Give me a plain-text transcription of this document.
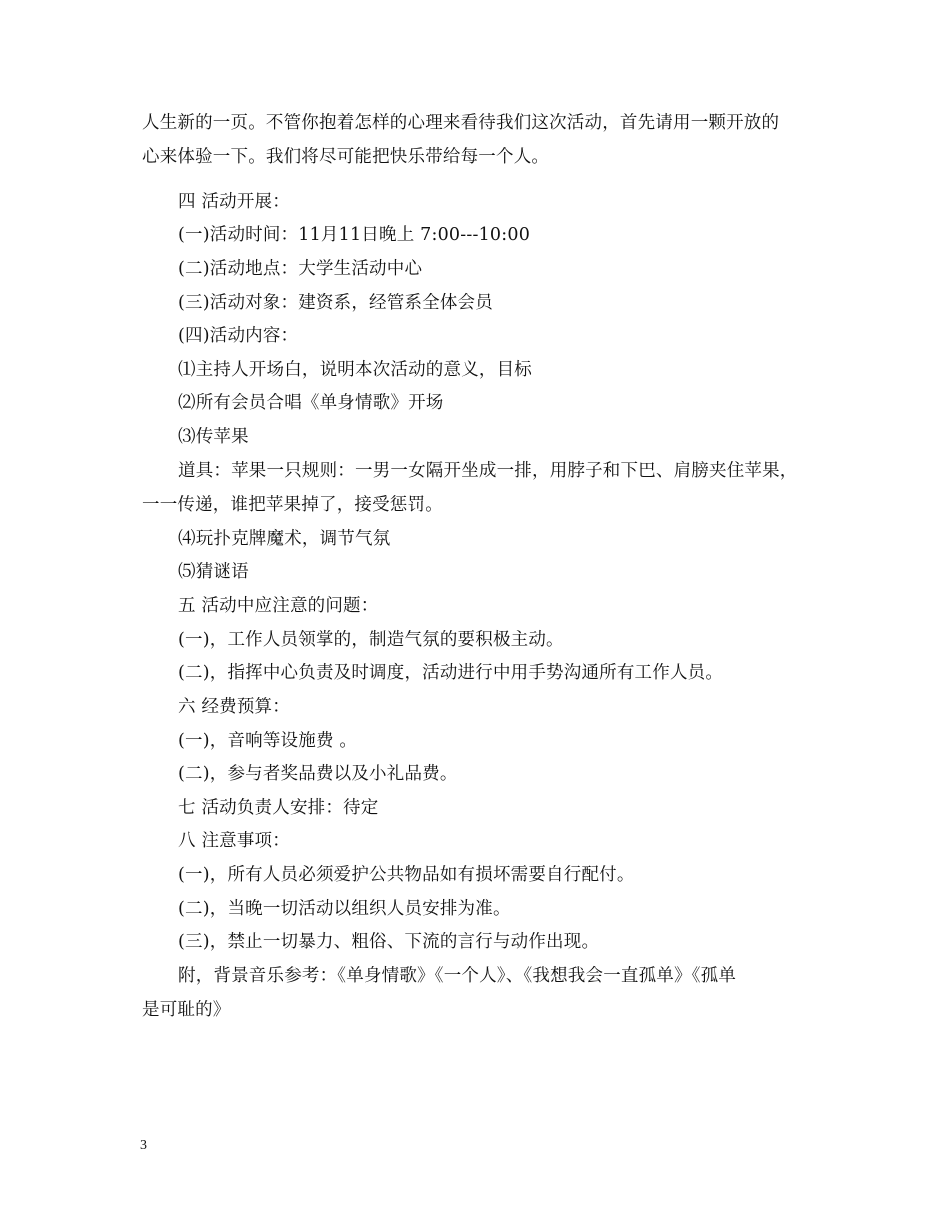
人生新的一页。不管你抱着怎样的心理来看待我们这次活动，首先请用一颗开放的
心来体验一下。我们将尽可能把快乐带给每一个人。
四 活动开展：
(一)活动时间：11月11日晚上 7:00---10:00
(二)活动地点：大学生活动中心
(三)活动对象：建资系，经管系全体会员
(四)活动内容：
⑴主持人开场白，说明本次活动的意义，目标
⑵所有会员合唱《单身情歌》开场
⑶传苹果
道具：苹果一只规则：一男一女隔开坐成一排，用脖子和下巴、肩膀夹住苹果，
一一传递，谁把苹果掉了，接受惩罚。
⑷玩扑克牌魔术，调节气氛
⑸猜谜语
五 活动中应注意的问题：
(一)，工作人员领掌的，制造气氛的要积极主动。
(二)，指挥中心负责及时调度，活动进行中用手势沟通所有工作人员。
六 经费预算：
(一)，音响等设施费 。
(二)，参与者奖品费以及小礼品费。
七 活动负责人安排：待定
八 注意事项：
(一)，所有人员必须爱护公共物品如有损坏需要自行配付。
(二)，当晚一切活动以组织人员安排为准。
(三)，禁止一切暴力、粗俗、下流的言行与动作出现。
附，背景音乐参考：《单身情歌》《一个人》、《我想我会一直孤单》《孤单
是可耻的》
3
